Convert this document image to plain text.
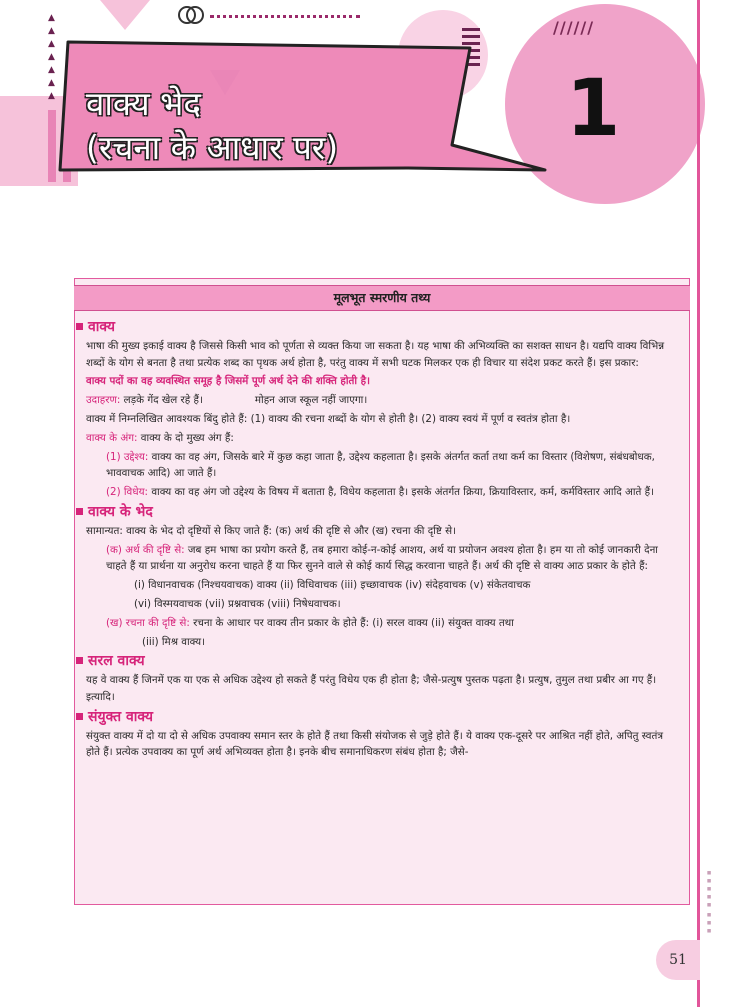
//////
▲
▲
▲
▲
▲
▲
▲ वाक्य भेद
(रचना के आधार पर)	1
▪▪▪ ▪▪▪▪▪
51
मूलभूत स्मरणीय तथ्य
वाक्य

भाषा की मुख्य इकाई वाक्य है जिससे किसी भाव को पूर्णता से व्यक्त किया जा सकता है। यह भाषा की अभिव्यक्ति का सशक्त साधन है। यद्यपि वाक्य विभिन्न शब्दों के योग से बनता है तथा प्रत्येक शब्द का पृथक अर्थ होता है, परंतु वाक्य में सभी घटक मिलकर एक ही विचार या संदेश प्रकट करते हैं। इस प्रकार:

वाक्य पदों का वह व्यवस्थित समूह है जिसमें पूर्ण अर्थ देने की शक्ति होती है।

उदाहरण: लड़के गेंद खेल रहे हैं।	मोहन आज स्कूल नहीं जाएगा।

वाक्य में निम्नलिखित आवश्यक बिंदु होते हैं: (1) वाक्य की रचना शब्दों के योग से होती है। (2) वाक्य स्वयं में पूर्ण व स्वतंत्र होता है।

वाक्य के अंग: वाक्य के दो मुख्य अंग हैं:

(1) उद्देश्य: वाक्य का वह अंग, जिसके बारे में कुछ कहा जाता है, उद्देश्य कहलाता है। इसके अंतर्गत कर्ता तथा कर्म का विस्तार (विशेषण, संबंधबोधक, भाववाचक आदि) आ जाते हैं।

(2) विधेय: वाक्य का वह अंग जो उद्देश्य के विषय में बताता है, विधेय कहलाता है। इसके अंतर्गत क्रिया, क्रियाविस्तार, कर्म, कर्मविस्तार आदि आते हैं।

वाक्य के भेद

सामान्यत: वाक्य के भेद दो दृष्टियों से किए जाते हैं: (क) अर्थ की दृष्टि से और (ख) रचना की दृष्टि से।

(क) अर्थ की दृष्टि से: जब हम भाषा का प्रयोग करते हैं, तब हमारा कोई-न-कोई आशय, अर्थ या प्रयोजन अवश्य होता है। हम या तो कोई जानकारी देना चाहते हैं या प्रार्थना या अनुरोध करना चाहते हैं या फिर सुनने वाले से कोई कार्य सिद्ध करवाना चाहते हैं। अर्थ की दृष्टि से वाक्य आठ प्रकार के होते हैं:

(i) विधानवाचक (निश्चयवाचक) वाक्य (ii) विधिवाचक (iii) इच्छावाचक (iv) संदेहवाचक (v) संकेतवाचक

(vi) विस्मयवाचक (vii) प्रश्नवाचक (viii) निषेधवाचक।

(ख) रचना की दृष्टि से: रचना के आधार पर वाक्य तीन प्रकार के होते हैं: (i) सरल वाक्य (ii) संयुक्त वाक्य तथा

(iii) मिश्र वाक्य।

सरल वाक्य

यह वे वाक्य हैं जिनमें एक या एक से अधिक उद्देश्य हो सकते हैं परंतु विधेय एक ही होता है; जैसे-प्रत्युष पुस्तक पढ़ता है। प्रत्युष, तुमुल तथा प्रबीर आ गए हैं। इत्यादि।

संयुक्त वाक्य

संयुक्त वाक्य में दो या दो से अधिक उपवाक्य समान स्तर के होते हैं तथा किसी संयोजक से जुड़े होते हैं। ये वाक्य एक-दूसरे पर आश्रित नहीं होते, अपितु स्वतंत्र होते हैं। प्रत्येक उपवाक्य का पूर्ण अर्थ अभिव्यक्त होता है। इनके बीच समानाधिकरण संबंध होता है; जैसे-
